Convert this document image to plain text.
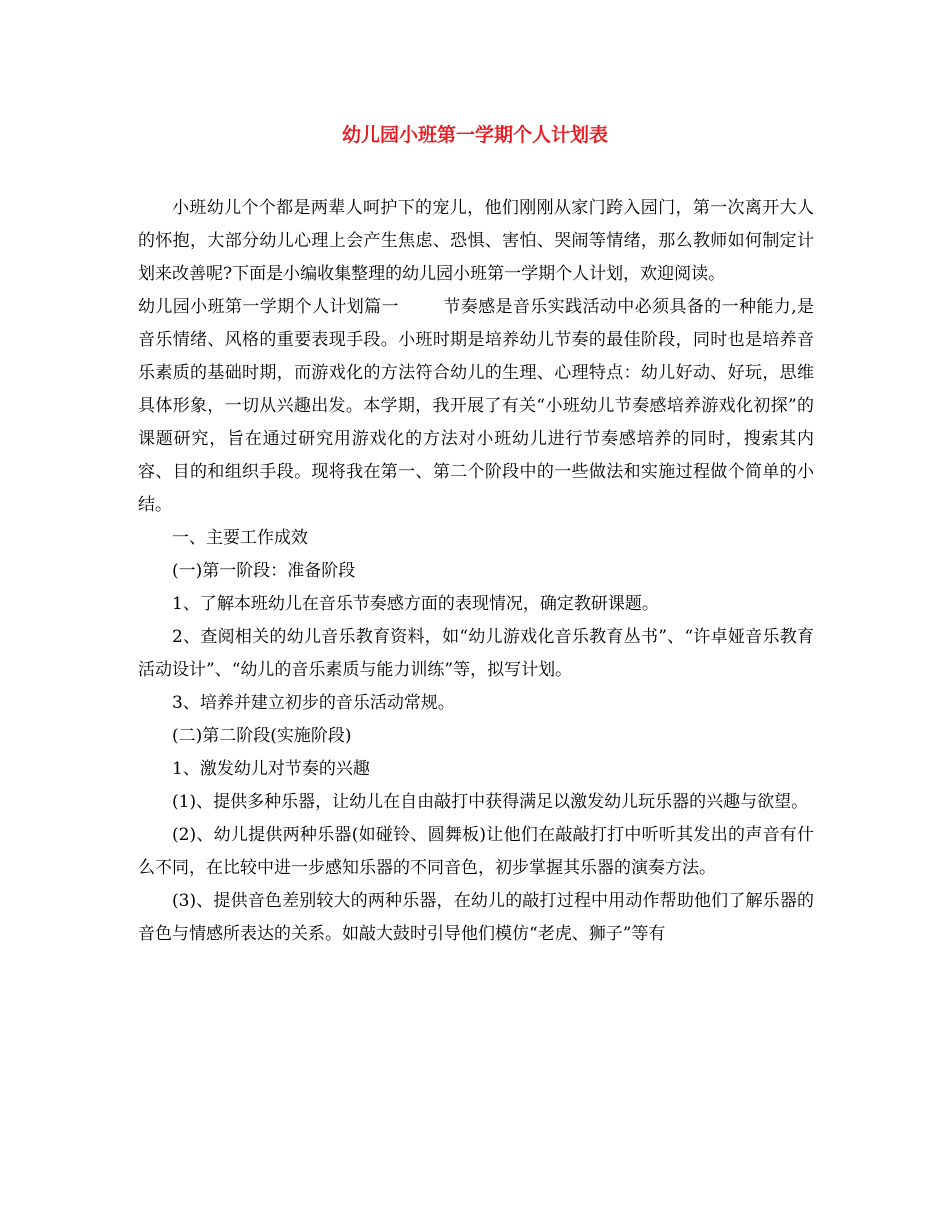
幼儿园小班第一学期个人计划表

小班幼儿个个都是两辈人呵护下的宠儿，他们刚刚从家门跨入园门，第一次离开大人的怀抱，大部分幼儿心理上会产生焦虑、恐惧、害怕、哭闹等情绪，那么教师如何制定计划来改善呢?下面是小编收集整理的幼儿园小班第一学期个人计划，欢迎阅读。

幼儿园小班第一学期个人计划篇一	节奏感是音乐实践活动中必须具备的一种能力,是音乐情绪、风格的重要表现手段。小班时期是培养幼儿节奏的最佳阶段，同时也是培养音乐素质的基础时期，而游戏化的方法符合幼儿的生理、心理特点：幼儿好动、好玩，思维具体形象，一切从兴趣出发。本学期，我开展了有关“小班幼儿节奏感培养游戏化初探”的课题研究，旨在通过研究用游戏化的方法对小班幼儿进行节奏感培养的同时，搜索其内容、目的和组织手段。现将我在第一、第二个阶段中的一些做法和实施过程做个简单的小结。

一、主要工作成效

(一)第一阶段：准备阶段

1、了解本班幼儿在音乐节奏感方面的表现情况，确定教研课题。

2、查阅相关的幼儿音乐教育资料，如“幼儿游戏化音乐教育丛书”、“许卓娅音乐教育活动设计”、“幼儿的音乐素质与能力训练”等，拟写计划。

3、培养并建立初步的音乐活动常规。

(二)第二阶段(实施阶段)

1、激发幼儿对节奏的兴趣

(1)、提供多种乐器，让幼儿在自由敲打中获得满足以激发幼儿玩乐器的兴趣与欲望。

(2)、幼儿提供两种乐器(如碰铃、圆舞板)让他们在敲敲打打中听听其发出的声音有什么不同，在比较中进一步感知乐器的不同音色，初步掌握其乐器的演奏方法。

(3)、提供音色差别较大的两种乐器，在幼儿的敲打过程中用动作帮助他们了解乐器的音色与情感所表达的关系。如敲大鼓时引导他们模仿“老虎、狮子”等有
